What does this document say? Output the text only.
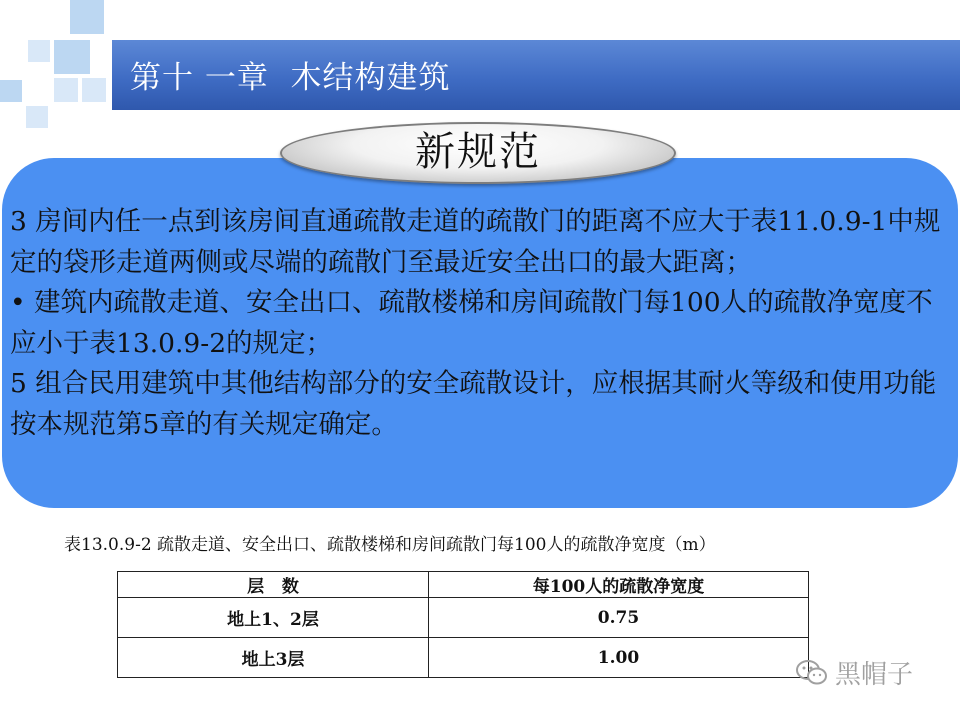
第十 一章  木结构建筑
新规范

3 房间内任一点到该房间直通疏散走道的疏散门的距离不应大于表11.0.9-1中规定的袋形走道两侧或尽端的疏散门至最近安全出口的最大距离；

• 建筑内疏散走道、安全出口、疏散楼梯和房间疏散门每100人的疏散净宽度不应小于表13.0.9-2的规定；

5 组合民用建筑中其他结构部分的安全疏散设计，应根据其耐火等级和使用功能按本规范第5章的有关规定确定。

表13.0.9-2 疏散走道、安全出口、疏散楼梯和房间疏散门每100人的疏散净宽度（m）
层   数	每100人的疏散净宽度
地上1、2层	0.75
地上3层	1.00
黑帽子
